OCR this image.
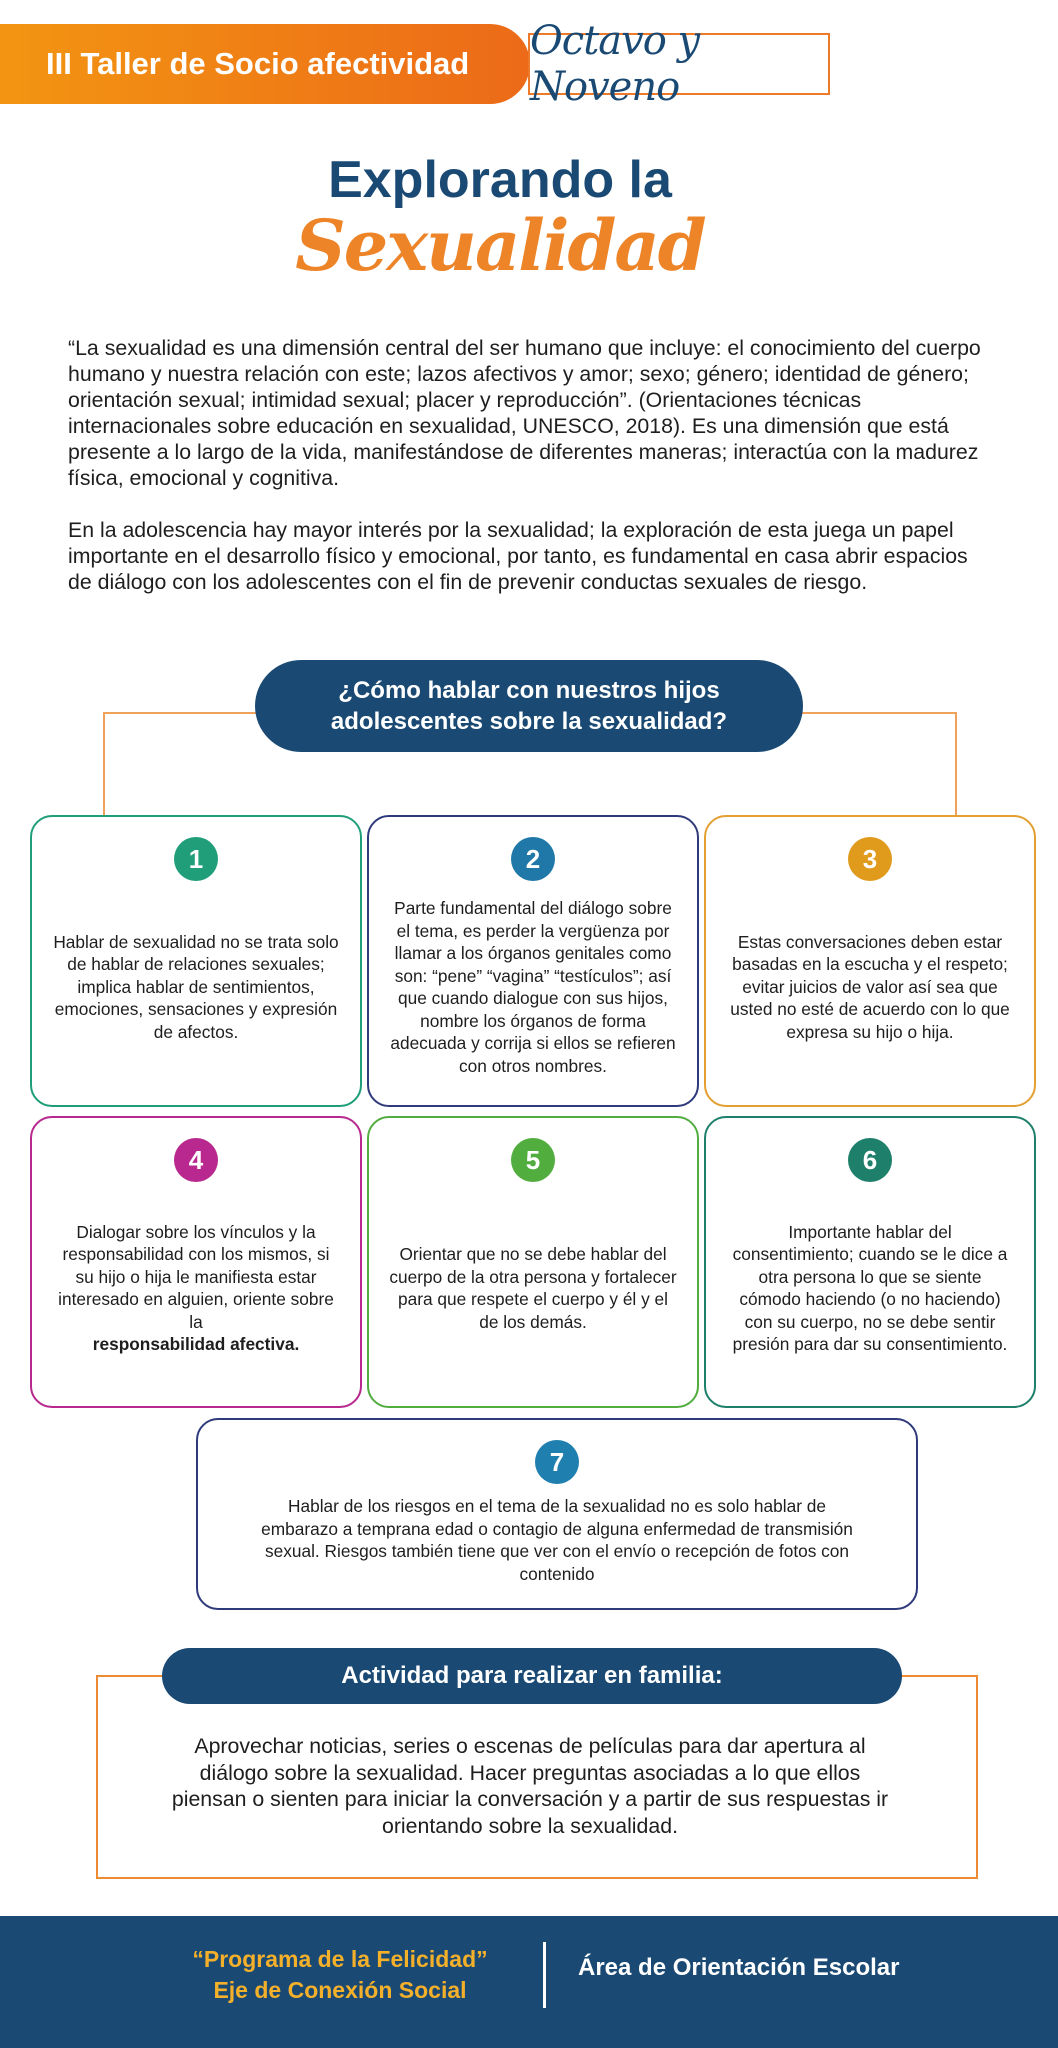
III Taller de Socio afectividad Octavo y Noveno
Explorando la
Sexualidad

“La sexualidad es una dimensión central del ser humano que incluye: el conocimiento del cuerpo humano y nuestra relación con este; lazos afectivos y amor; sexo; género; identidad de género; orientación sexual; intimidad sexual; placer y reproducción”. (Orientaciones técnicas internacionales sobre educación en sexualidad, UNESCO, 2018). Es una dimensión que está presente a lo largo de la vida, manifestándose de diferentes maneras; interactúa con la madurez física, emocional y cognitiva.

En la adolescencia hay mayor interés por la sexualidad; la exploración de esta juega un papel importante en el desarrollo físico y emocional, por tanto, es fundamental en casa abrir espacios de diálogo con los adolescentes con el fin de prevenir conductas sexuales de riesgo.

¿Cómo hablar con nuestros hijos
adolescentes sobre la sexualidad?
1
Hablar de sexualidad no se trata solo de hablar de relaciones sexuales; implica hablar de sentimientos, emociones, sensaciones y expresión de afectos.
2
Parte fundamental del diálogo sobre el tema, es perder la vergüenza por llamar a los órganos genitales como son: “pene” “vagina” “testículos”; así que cuando dialogue con sus hijos, nombre los órganos de forma adecuada y corrija si ellos se refieren con otros nombres.
3
Estas conversaciones deben estar basadas en la escucha y el respeto; evitar juicios de valor así sea que usted no esté de acuerdo con lo que expresa su hijo o hija.
4
Dialogar sobre los vínculos y la responsabilidad con los mismos, si su hijo o hija le manifiesta estar interesado en alguien, oriente sobre la
responsabilidad afectiva.
5
Orientar que no se debe hablar del cuerpo de la otra persona y fortalecer para que respete el cuerpo y él y el de los demás.
6
Importante hablar del consentimiento; cuando se le dice a otra persona lo que se siente cómodo haciendo (o no haciendo) con su cuerpo, no se debe sentir presión para dar su consentimiento.
7
Hablar de los riesgos en el tema de la sexualidad no es solo hablar de embarazo a temprana edad o contagio de alguna enfermedad de transmisión sexual. Riesgos también tiene que ver con el envío o recepción de fotos con contenido
Actividad para realizar en familia:
Aprovechar noticias, series o escenas de películas para dar apertura al diálogo sobre la sexualidad. Hacer preguntas asociadas a lo que ellos piensan o sienten para iniciar la conversación y a partir de sus respuestas ir orientando sobre la sexualidad.
“Programa de la Felicidad”
Eje de Conexión Social
Área de Orientación Escolar
